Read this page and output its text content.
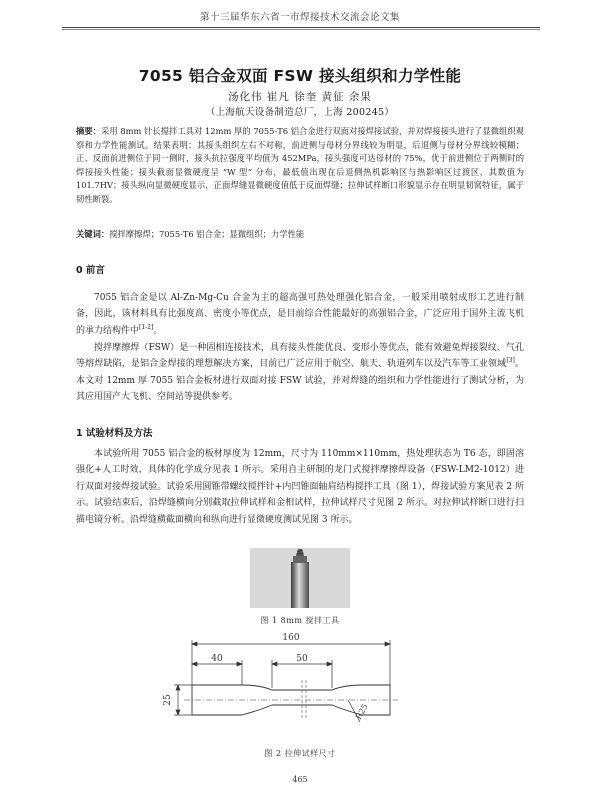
第十三届华东六省一市焊接技术交流会论文集
7055 铝合金双面 FSW 接头组织和力学性能
汤化伟 崔凡 徐奎 黄征 余果
（上海航天设备制造总厂，上海 200245）
摘要：采用 8mm 针长搅拌工具对 12mm 厚的 7055-T6 铝合金进行双面对接焊接试验，并对焊接接头进行了显微组织观察和力学性能测试。结果表明：其接头组织左右不对称，前进侧与母材分界线较为明显，后退侧与母材分界线较模糊；正、反面前进侧位于同一侧时，接头抗拉强度平均值为 452MPa，接头强度可达母材的 75%，优于前进侧位于两侧时的焊接接头性能；接头截面显微硬度呈 “W 型” 分布，最低值出现在后退侧热机影响区与热影响区过渡区，其数值为 101.7HV；接头纵向显微硬度显示，正面焊缝显微硬度值低于反面焊缝；拉伸试样断口形貌显示存在明显韧窝特征，属于韧性断裂。
关键词：搅拌摩擦焊；7055-T6 铝合金；显微组织；力学性能
0 前言
7055 铝合金是以 Al-Zn-Mg-Cu 合金为主的超高强可热处理强化铝合金，一般采用喷射成形工艺进行制备，因此，该材料具有比强度高、密度小等优点，是目前综合性能最好的高强铝合金，广泛应用于国外主流飞机的承力结构件中[1-2]。
搅拌摩擦焊（FSW）是一种固相连接技术，具有接头性能优良、变形小等优点，能有效避免焊接裂纹、气孔等熔焊缺陷，是铝合金焊接的理想解决方案，目前已广泛应用于航空、航天、轨道列车以及汽车等工业领域[3]。本文对 12mm 厚 7055 铝合金板材进行双面对接 FSW 试验，并对焊缝的组织和力学性能进行了测试分析，为其应用国产大飞机、空间站等提供参考。
1 试验材料及方法
本试验所用 7055 铝合金的板材厚度为 12mm，尺寸为 110mm×110mm，热处理状态为 T6 态，即固溶强化+人工时效，具体的化学成分见表 1 所示。采用自主研制的龙门式搅拌摩擦焊设备（FSW-LM2-1012）进行双面对接焊接试验。试验采用圆锥带螺纹搅拌针+内凹锥面轴肩结构搅拌工具（图 1），焊接试验方案见表 2 所示。试验结束后，沿焊缝横向分别截取拉伸试样和金相试样，拉伸试样尺寸见图 2 所示。对拉伸试样断口进行扫描电镜分析。沿焊缝横截面横向和纵向进行显微硬度测试见图 3 所示。
图 1 8mm 搅拌工具
160
40	50
25
R25
图 2 拉伸试样尺寸
465
